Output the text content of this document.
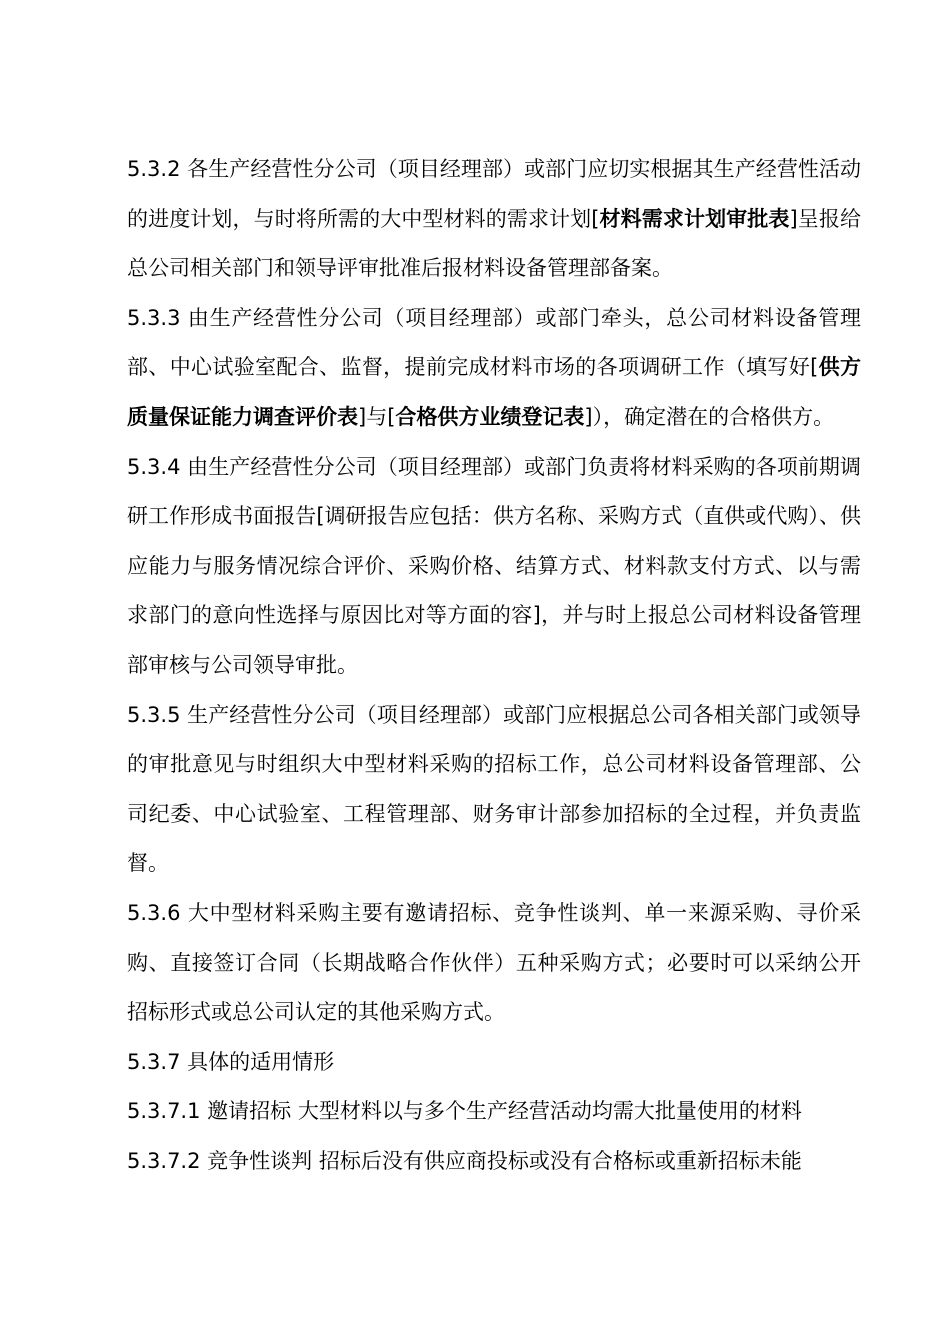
5.3.2 各生产经营性分公司（项目经理部）或部门应切实根据其生产经营性活动的进度计划，与时将所需的大中型材料的需求计划[材料需求计划审批表]呈报给总公司相关部门和领导评审批准后报材料设备管理部备案。

5.3.3 由生产经营性分公司（项目经理部）或部门牵头，总公司材料设备管理部、中心试验室配合、监督，提前完成材料市场的各项调研工作（填写好[供方质量保证能力调查评价表]与[合格供方业绩登记表]），确定潜在的合格供方。

5.3.4 由生产经营性分公司（项目经理部）或部门负责将材料采购的各项前期调研工作形成书面报告[调研报告应包括：供方名称、采购方式（直供或代购）、供应能力与服务情况综合评价、采购价格、结算方式、材料款支付方式、以与需求部门的意向性选择与原因比对等方面的容]，并与时上报总公司材料设备管理部审核与公司领导审批。

5.3.5 生产经营性分公司（项目经理部）或部门应根据总公司各相关部门或领导的审批意见与时组织大中型材料采购的招标工作，总公司材料设备管理部、公司纪委、中心试验室、工程管理部、财务审计部参加招标的全过程，并负责监督。

5.3.6 大中型材料采购主要有邀请招标、竞争性谈判、单一来源采购、寻价采购、直接签订合同（长期战略合作伙伴）五种采购方式；必要时可以采纳公开招标形式或总公司认定的其他采购方式。

5.3.7 具体的适用情形

5.3.7.1 邀请招标 大型材料以与多个生产经营活动均需大批量使用的材料

5.3.7.2 竞争性谈判 招标后没有供应商投标或没有合格标或重新招标未能
